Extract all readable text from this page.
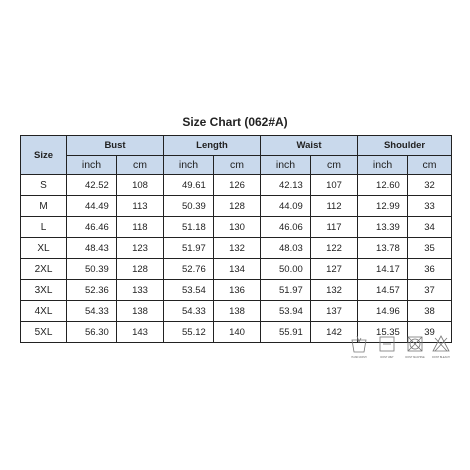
Size Chart (062#A)
Size	Bust		Length		Waist		Shoulder	
	inch	cm	inch	cm	inch	cm	inch	cm
S	42.52	108	49.61	126	42.13	107	12.60	32
M	44.49	113	50.39	128	44.09	112	12.99	33
L	46.46	118	51.18	130	46.06	117	13.39	34
XL	48.43	123	51.97	132	48.03	122	13.78	35
2XL	50.39	128	52.76	134	50.00	127	14.17	36
3XL	52.36	133	53.54	136	51.97	132	14.57	37
4XL	54.33	138	54.33	138	53.94	137	14.96	38
5XL	56.30	143	55.12	140	55.91	142	15.35	39
HAND WASH	DONT WET	DONT MACHINE	DONT BLEACH
